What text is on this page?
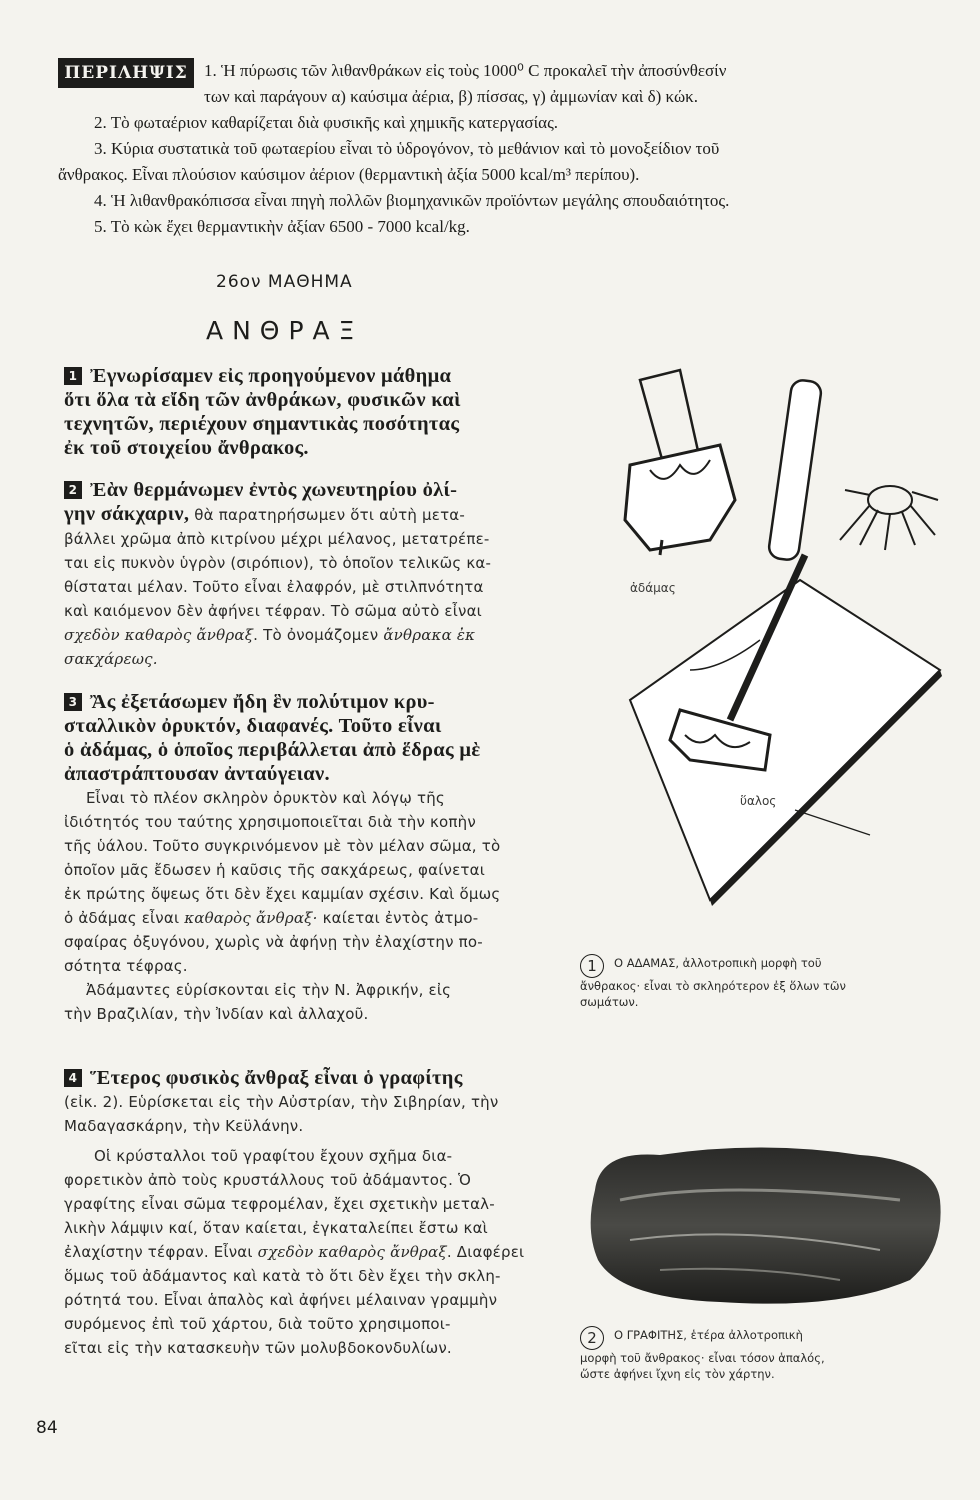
ΠΕΡΙΛΗΨΙΣ 1. Ἡ πύρωσις τῶν λιθανθράκων εἰς τοὺς 1000⁰ C προκαλεῖ τὴν ἀποσύνθεσίν
των καὶ παράγουν α) καύσιμα ἀέρια, β) πίσσας, γ) ἀμμωνίαν καὶ δ) κώκ.
2. Τὸ φωταέριον καθαρίζεται διὰ φυσικῆς καὶ χημικῆς κατεργασίας.
3. Κύρια συστατικὰ τοῦ φωταερίου εἶναι τὸ ὑδρογόνον, τὸ μεθάνιον καὶ τὸ μονοξείδιον τοῦ
ἄνθρακος. Εἶναι πλούσιον καύσιμον ἀέριον (θερμαντικὴ ἀξία 5000 kcal/m³ περίπου).
4. Ἡ λιθανθρακόπισσα εἶναι πηγὴ πολλῶν βιομηχανικῶν προϊόντων μεγάλης σπουδαιότητος.
5. Τὸ κὼκ ἔχει θερμαντικὴν ἀξίαν 6500 - 7000 kcal/kg.
26ον ΜΑΘΗΜΑ
ΑΝΘΡΑΞ
1 Ἐγνωρίσαμεν εἰς προηγούμενον μάθημα
ὅτι ὅλα τὰ εἴδη τῶν ἀνθράκων, φυσικῶν καὶ
τεχνητῶν, περιέχουν σημαντικὰς ποσότητας
ἐκ τοῦ στοιχείου ἄνθρακος.
2 Ἐὰν θερμάνωμεν ἐντὸς χωνευτηρίου ὀλί-
γην σάκχαριν, θὰ παρατηρήσωμεν ὅτι αὐτὴ μετα-
βάλλει χρῶμα ἀπὸ κιτρίνου μέχρι μέλανος, μετατρέπε-
ται εἰς πυκνὸν ὑγρὸν (σιρόπιον), τὸ ὁποῖον τελικῶς κα-
θίσταται μέλαν. Τοῦτο εἶναι ἐλαφρόν, μὲ στιλπνότητα
καὶ καιόμενον δὲν ἀφήνει τέφραν. Τὸ σῶμα αὐτὸ εἶναι
σχεδὸν καθαρὸς ἄνθραξ. Τὸ ὀνομάζομεν ἄνθρακα ἐκ
σακχάρεως.
3 Ἂς ἐξετάσωμεν ἤδη ἓν πολύτιμον κρυ-
σταλλικὸν ὀρυκτόν, διαφανές. Τοῦτο εἶναι
ὁ ἀδάμας, ὁ ὁποῖος περιβάλλεται ἀπὸ ἕδρας μὲ
ἀπαστράπτουσαν ἀνταύγειαν.
Εἶναι τὸ πλέον σκληρὸν ὀρυκτὸν καὶ λόγῳ τῆς
ἰδιότητός του ταύτης χρησιμοποιεῖται διὰ τὴν κοπὴν
τῆς ὑάλου. Τοῦτο συγκρινόμενον μὲ τὸν μέλαν σῶμα, τὸ
ὁποῖον μᾶς ἔδωσεν ἡ καῦσις τῆς σακχάρεως, φαίνεται
ἐκ πρώτης ὄψεως ὅτι δὲν ἔχει καμμίαν σχέσιν. Καὶ ὅμως
ὁ ἀδάμας εἶναι καθαρὸς ἄνθραξ· καίεται ἐντὸς ἀτμο-
σφαίρας ὀξυγόνου, χωρὶς νὰ ἀφήνῃ τὴν ἐλαχίστην πο-
σότητα τέφρας.
Ἀδάμαντες εὑρίσκονται εἰς τὴν Ν. Ἀφρικήν, εἰς
τὴν Βραζιλίαν, τὴν Ἰνδίαν καὶ ἀλλαχοῦ.
4 Ἕτερος φυσικὸς ἄνθραξ εἶναι ὁ γραφίτης
(εἰκ. 2). Εὑρίσκεται εἰς τὴν Αὐστρίαν, τὴν Σιβηρίαν, τὴν
Μαδαγασκάρην, τὴν Κεϋλάνην.
Οἱ κρύσταλλοι τοῦ γραφίτου ἔχουν σχῆμα δια-
φορετικὸν ἀπὸ τοὺς κρυστάλλους τοῦ ἀδάμαντος. Ὁ
γραφίτης εἶναι σῶμα τεφρομέλαν, ἔχει σχετικὴν μεταλ-
λικὴν λάμψιν καί, ὅταν καίεται, ἐγκαταλείπει ἔστω καὶ
ἐλαχίστην τέφραν. Εἶναι σχεδὸν καθαρὸς ἄνθραξ. Διαφέρει
ὅμως τοῦ ἀδάμαντος καὶ κατὰ τὸ ὅτι δὲν ἔχει τὴν σκλη-
ρότητά του. Εἶναι ἁπαλὸς καὶ ἀφήνει μέλαιναν γραμμὴν
συρόμενος ἐπὶ τοῦ χάρτου, διὰ τοῦτο χρησιμοποι-
εῖται εἰς τὴν κατασκευὴν τῶν μολυβδοκονδυλίων.
ἀδάμας
ὕαλος
1 Ο ΑΔΑΜΑΣ, ἀλλοτροπικὴ μορφὴ τοῦ
ἄνθρακος· εἶναι τὸ σκληρότερον ἐξ ὅλων τῶν
σωμάτων.
2 Ο ΓΡΑΦΙΤΗΣ, ἑτέρα ἀλλοτροπικὴ
μορφὴ τοῦ ἄνθρακος· εἶναι τόσον ἁπαλός,
ὥστε ἀφήνει ἴχνη εἰς τὸν χάρτην.
84
